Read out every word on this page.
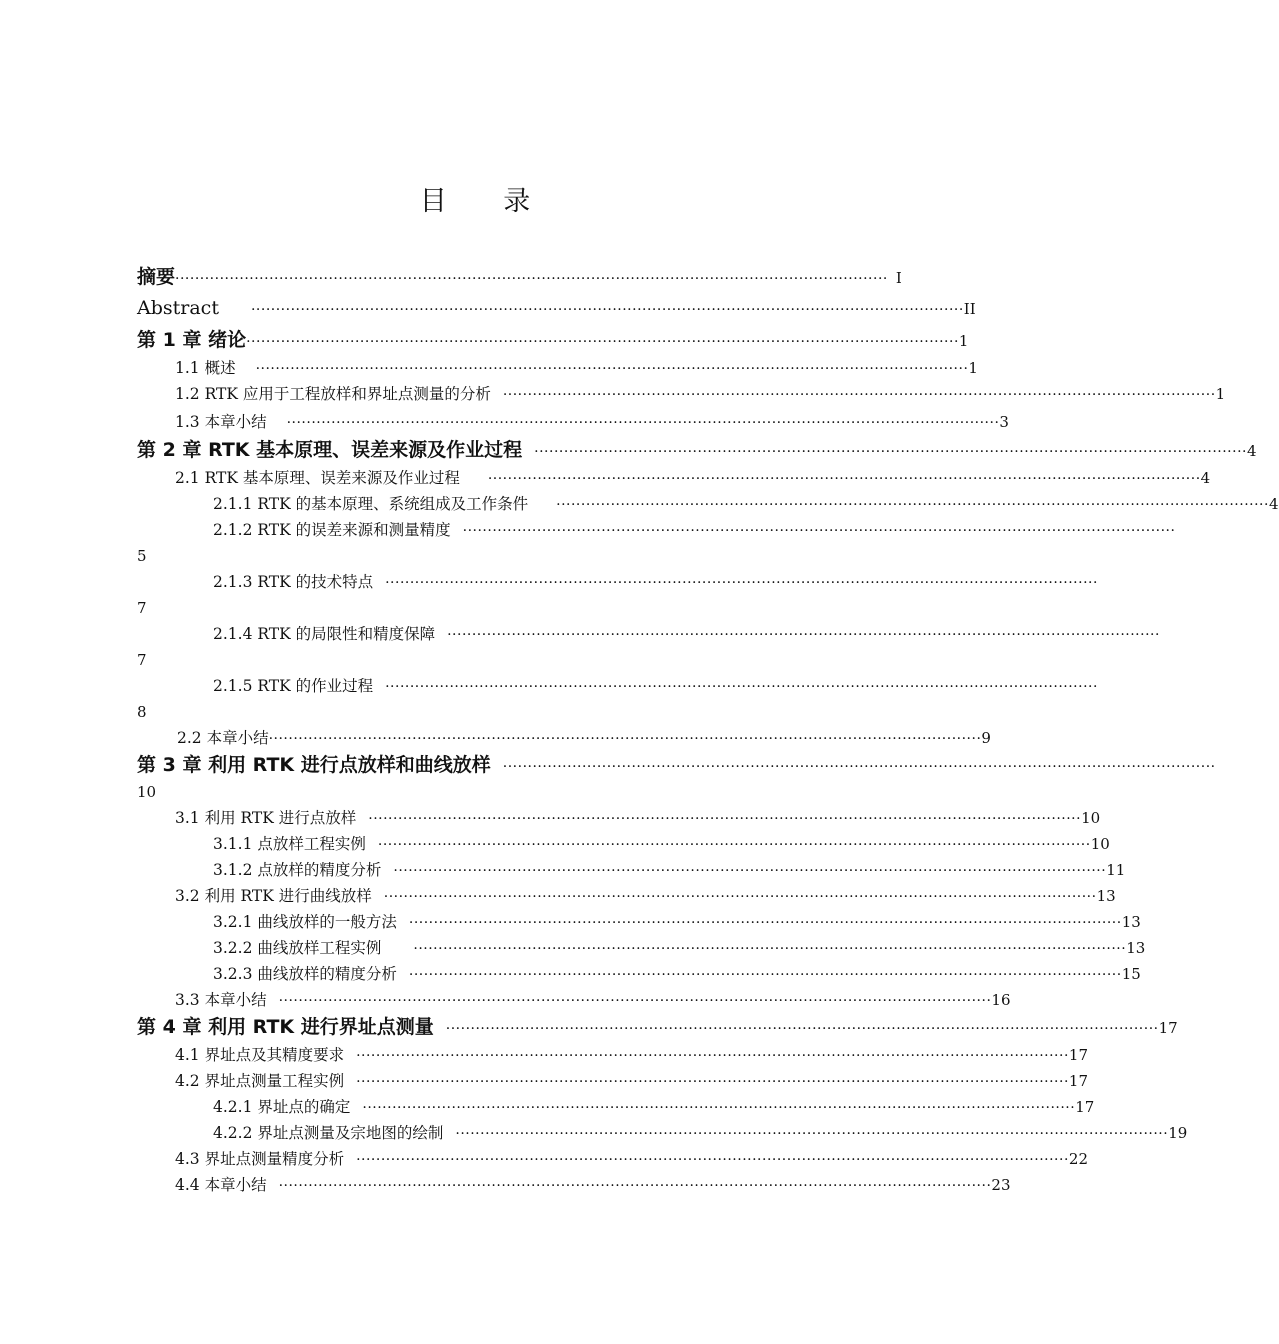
目 录
摘要 ················································································································································ I
Abstract ················································································································································ II
第 1 章 绪论 ················································································································································ 1
1.1 概述 ················································································································································ 1
1.2 RTK 应用于工程放样和界址点测量的分析 ················································································································································ 1
1.3 本章小结 ················································································································································ 3
第 2 章 RTK 基本原理、误差来源及作业过程 ················································································································································ 4
2.1 RTK 基本原理、误差来源及作业过程 ················································································································································ 4
2.1.1 RTK 的基本原理、系统组成及工作条件 ················································································································································ 4
2.1.2 RTK 的误差来源和测量精度 ················································································································································
5
2.1.3 RTK 的技术特点 ················································································································································
7
2.1.4 RTK 的局限性和精度保障 ················································································································································
7
2.1.5 RTK 的作业过程 ················································································································································
8
2.2 本章小结 ················································································································································ 9
第 3 章 利用 RTK 进行点放样和曲线放样 ················································································································································
10
3.1 利用 RTK 进行点放样 ················································································································································ 10
3.1.1 点放样工程实例 ················································································································································ 10
3.1.2 点放样的精度分析 ················································································································································ 11
3.2 利用 RTK 进行曲线放样 ················································································································································ 13
3.2.1 曲线放样的一般方法 ················································································································································ 13
3.2.2 曲线放样工程实例 ················································································································································ 13
3.2.3 曲线放样的精度分析 ················································································································································ 15
3.3 本章小结 ················································································································································ 16
第 4 章 利用 RTK 进行界址点测量 ················································································································································ 17
4.1 界址点及其精度要求 ················································································································································ 17
4.2 界址点测量工程实例 ················································································································································ 17
4.2.1 界址点的确定 ················································································································································ 17
4.2.2 界址点测量及宗地图的绘制 ················································································································································ 19
4.3 界址点测量精度分析 ················································································································································ 22
4.4 本章小结 ················································································································································ 23
